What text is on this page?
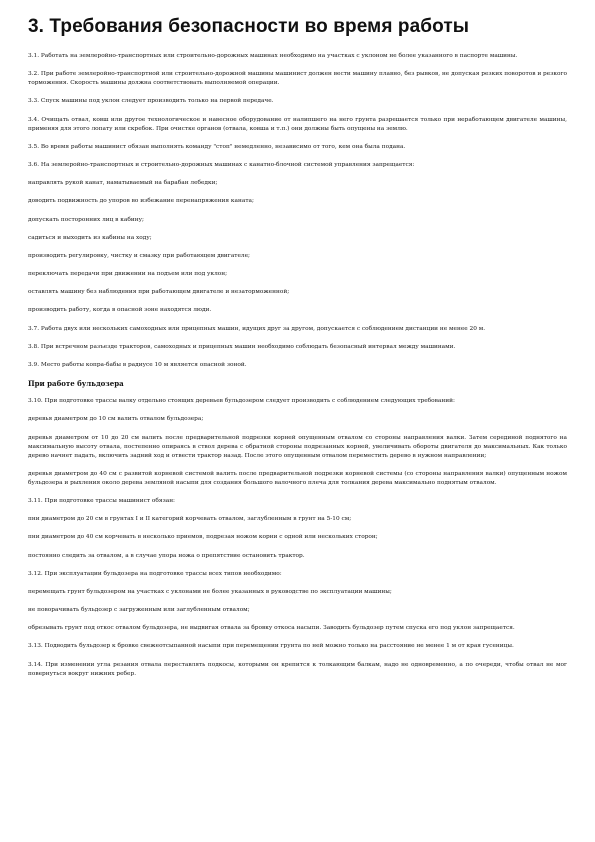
3. Требования безопасности во время работы

3.1. Работать на землеройно-транспортных или строительно-дорожных машинах необходимо на участках с уклоном не более указанного в паспорте машины.

3.2. При работе землеройно-транспортной или строительно-дорожной машины машинист должен вести машину плавно, без рывков, не допуская резких поворотов и резкого торможения. Скорость машины должна соответствовать выполняемой операции.

3.3. Спуск машины под уклон следует производить только на первой передаче.

3.4. Очищать отвал, ковш или другое технологическое и навесное оборудование от налипшего на него грунта разрешается только при неработающем двигателе машины, применяя для этого лопату или скребок. При очистке органов (отвала, ковша и т.п.) они должны быть опущены на землю.

3.5. Во время работы машинист обязан выполнять команду "стоп" немедленно, независимо от того, кем она была подана.

3.6. На землеройно-транспортных и строительно-дорожных машинах с канатно-блочной системой управления запрещается:

направлять рукой канат, наматываемый на барабан лебедки;

доводить подвижность до упоров во избежание перенапряжения каната;

допускать посторонних лиц в кабину;

садиться и выходить из кабины на ходу;

производить регулировку, чистку и смазку при работающем двигателе;

переключать передачи при движении на подъем или под уклон;

оставлять машину без наблюдения при работающем двигателе и незаторможенной;

производить работу, когда в опасной зоне находятся люди.

3.7. Работа двух или нескольких самоходных или прицепных машин, идущих друг за другом, допускается с соблюдением дистанции не менее 20 м.

3.8. При встречном разъезде тракторов, самоходных и прицепных машин необходимо соблюдать безопасный интервал между машинами.

3.9. Место работы копра-бабы в радиусе 10 м является опасной зоной.

При работе бульдозера

3.10. При подготовке трассы валку отдельно стоящих деревьев бульдозером следует производить с соблюдением следующих требований:

деревья диаметром до 10 см валить отвалом бульдозера;

деревья диаметром от 10 до 20 см валить после предварительной подрезки корней опущенным отвалом со стороны направления валки. Затем серединой поднятого на максимальную высоту отвала, постепенно опираясь в ствол дерева с обратной стороны подрезанных корней, увеличивать обороты двигателя до максимальных. Как только дерево начнет падать, включить задний ход и отвести трактор назад. После этого опущенным отвалом переместить дерево в нужном направлении;

деревья диаметром до 40 см с развитой корневой системой валить после предварительной подрезки корневой системы (со стороны направления валки) опущенным ножом бульдозера и рыхления около дерева земляной насыпи для создания большого валочного плеча для толкания дерева максимально поднятым отвалом.

3.11. При подготовке трассы машинист обязан:

пни диаметром до 20 см в грунтах I и II категорий корчевать отвалом, заглубленным в грунт на 5-10 см;

пни диаметром до 40 см корчевать в несколько приемов, подрезая ножом корни с одной или нескольких сторон;

постоянно следить за отвалом, а в случае упора ножа о препятствие остановить трактор.

3.12. При эксплуатации бульдозера на подготовке трассы всех типов необходимо:

перемещать грунт бульдозером на участках с уклонами не более указанных в руководстве по эксплуатации машины;

не поворачивать бульдозер с загруженным или заглубленным отвалом;

обрезывать грунт под откос отвалом бульдозера, не выдвигая отвала за бровку откоса насыпи. Заводить бульдозер путем спуска его под уклон запрещается.

3.13. Подводить бульдозер к бровке свежеотсыпанной насыпи при перемещении грунта по ней можно только на расстояние не менее 1 м от края гусеницы.

3.14. При изменении угла резания отвала переставлять подкосы, которыми он крепится к толкающим балкам, надо не одновременно, а по очереди, чтобы отвал не мог повернуться вокруг нижних ребер.
